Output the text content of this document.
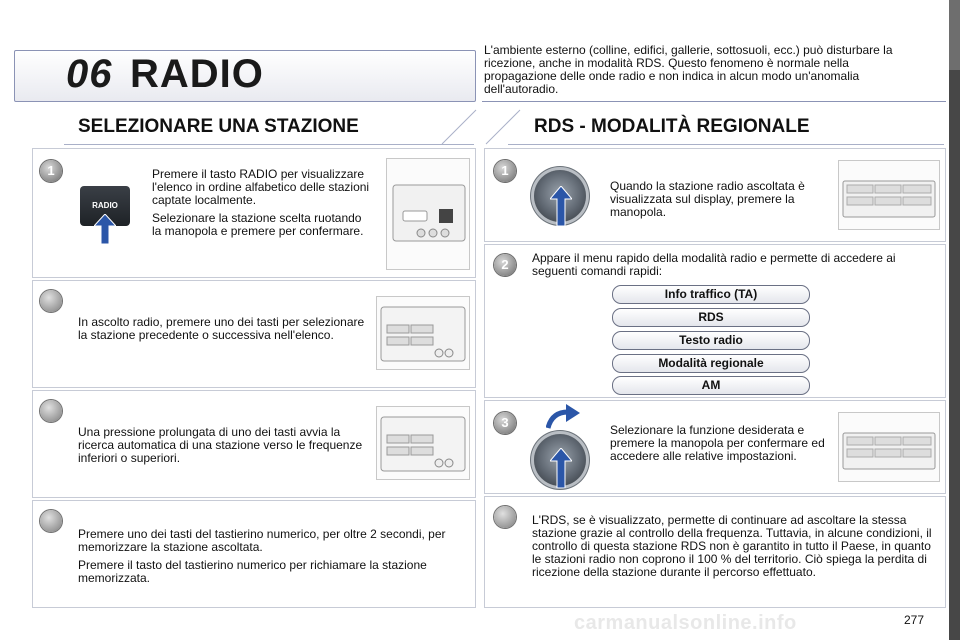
06 RADIO
L'ambiente esterno (colline, edifici, gallerie, sottosuoli, ecc.) può disturbare la ricezione, anche in modalità RDS. Questo fenomeno è normale nella propagazione delle onde radio e non indica in alcun modo un'anomalia dell'autoradio.
SELEZIONARE UNA STAZIONE
1
RADIO

Premere il tasto RADIO per visualizzare l'elenco in ordine alfabetico delle stazioni captate localmente.

Selezionare la stazione scelta ruotando la manopola e premere per confermare.

In ascolto radio, premere uno dei tasti per selezionare la stazione precedente o successiva nell'elenco.
Una pressione prolungata di uno dei tasti avvia la ricerca automatica di una stazione verso le frequenze inferiori o superiori.

Premere uno dei tasti del tastierino numerico, per oltre 2 secondi, per memorizzare la stazione ascoltata.

Premere il tasto del tastierino numerico per richiamare la stazione memorizzata.

RDS - MODALITÀ REGIONALE
1
Quando la stazione radio ascoltata è visualizzata sul display, premere la manopola.
2	Appare il menu rapido della modalità radio e permette di accedere ai seguenti comandi rapidi:
Info traffico (TA)
RDS
Testo radio
Modalità regionale
AM
3	Selezionare la funzione desiderata e premere la manopola per confermare ed accedere alle relative impostazioni.
L'RDS, se è visualizzato, permette di continuare ad ascoltare la stessa stazione grazie al controllo della frequenza. Tuttavia, in alcune condizioni, il controllo di questa stazione RDS non è garantito in tutto il Paese, in quanto le stazioni radio non coprono il 100 % del territorio. Ciò spiega la perdita di ricezione della stazione durante il percorso effettuato.
carmanualsonline.info	277
